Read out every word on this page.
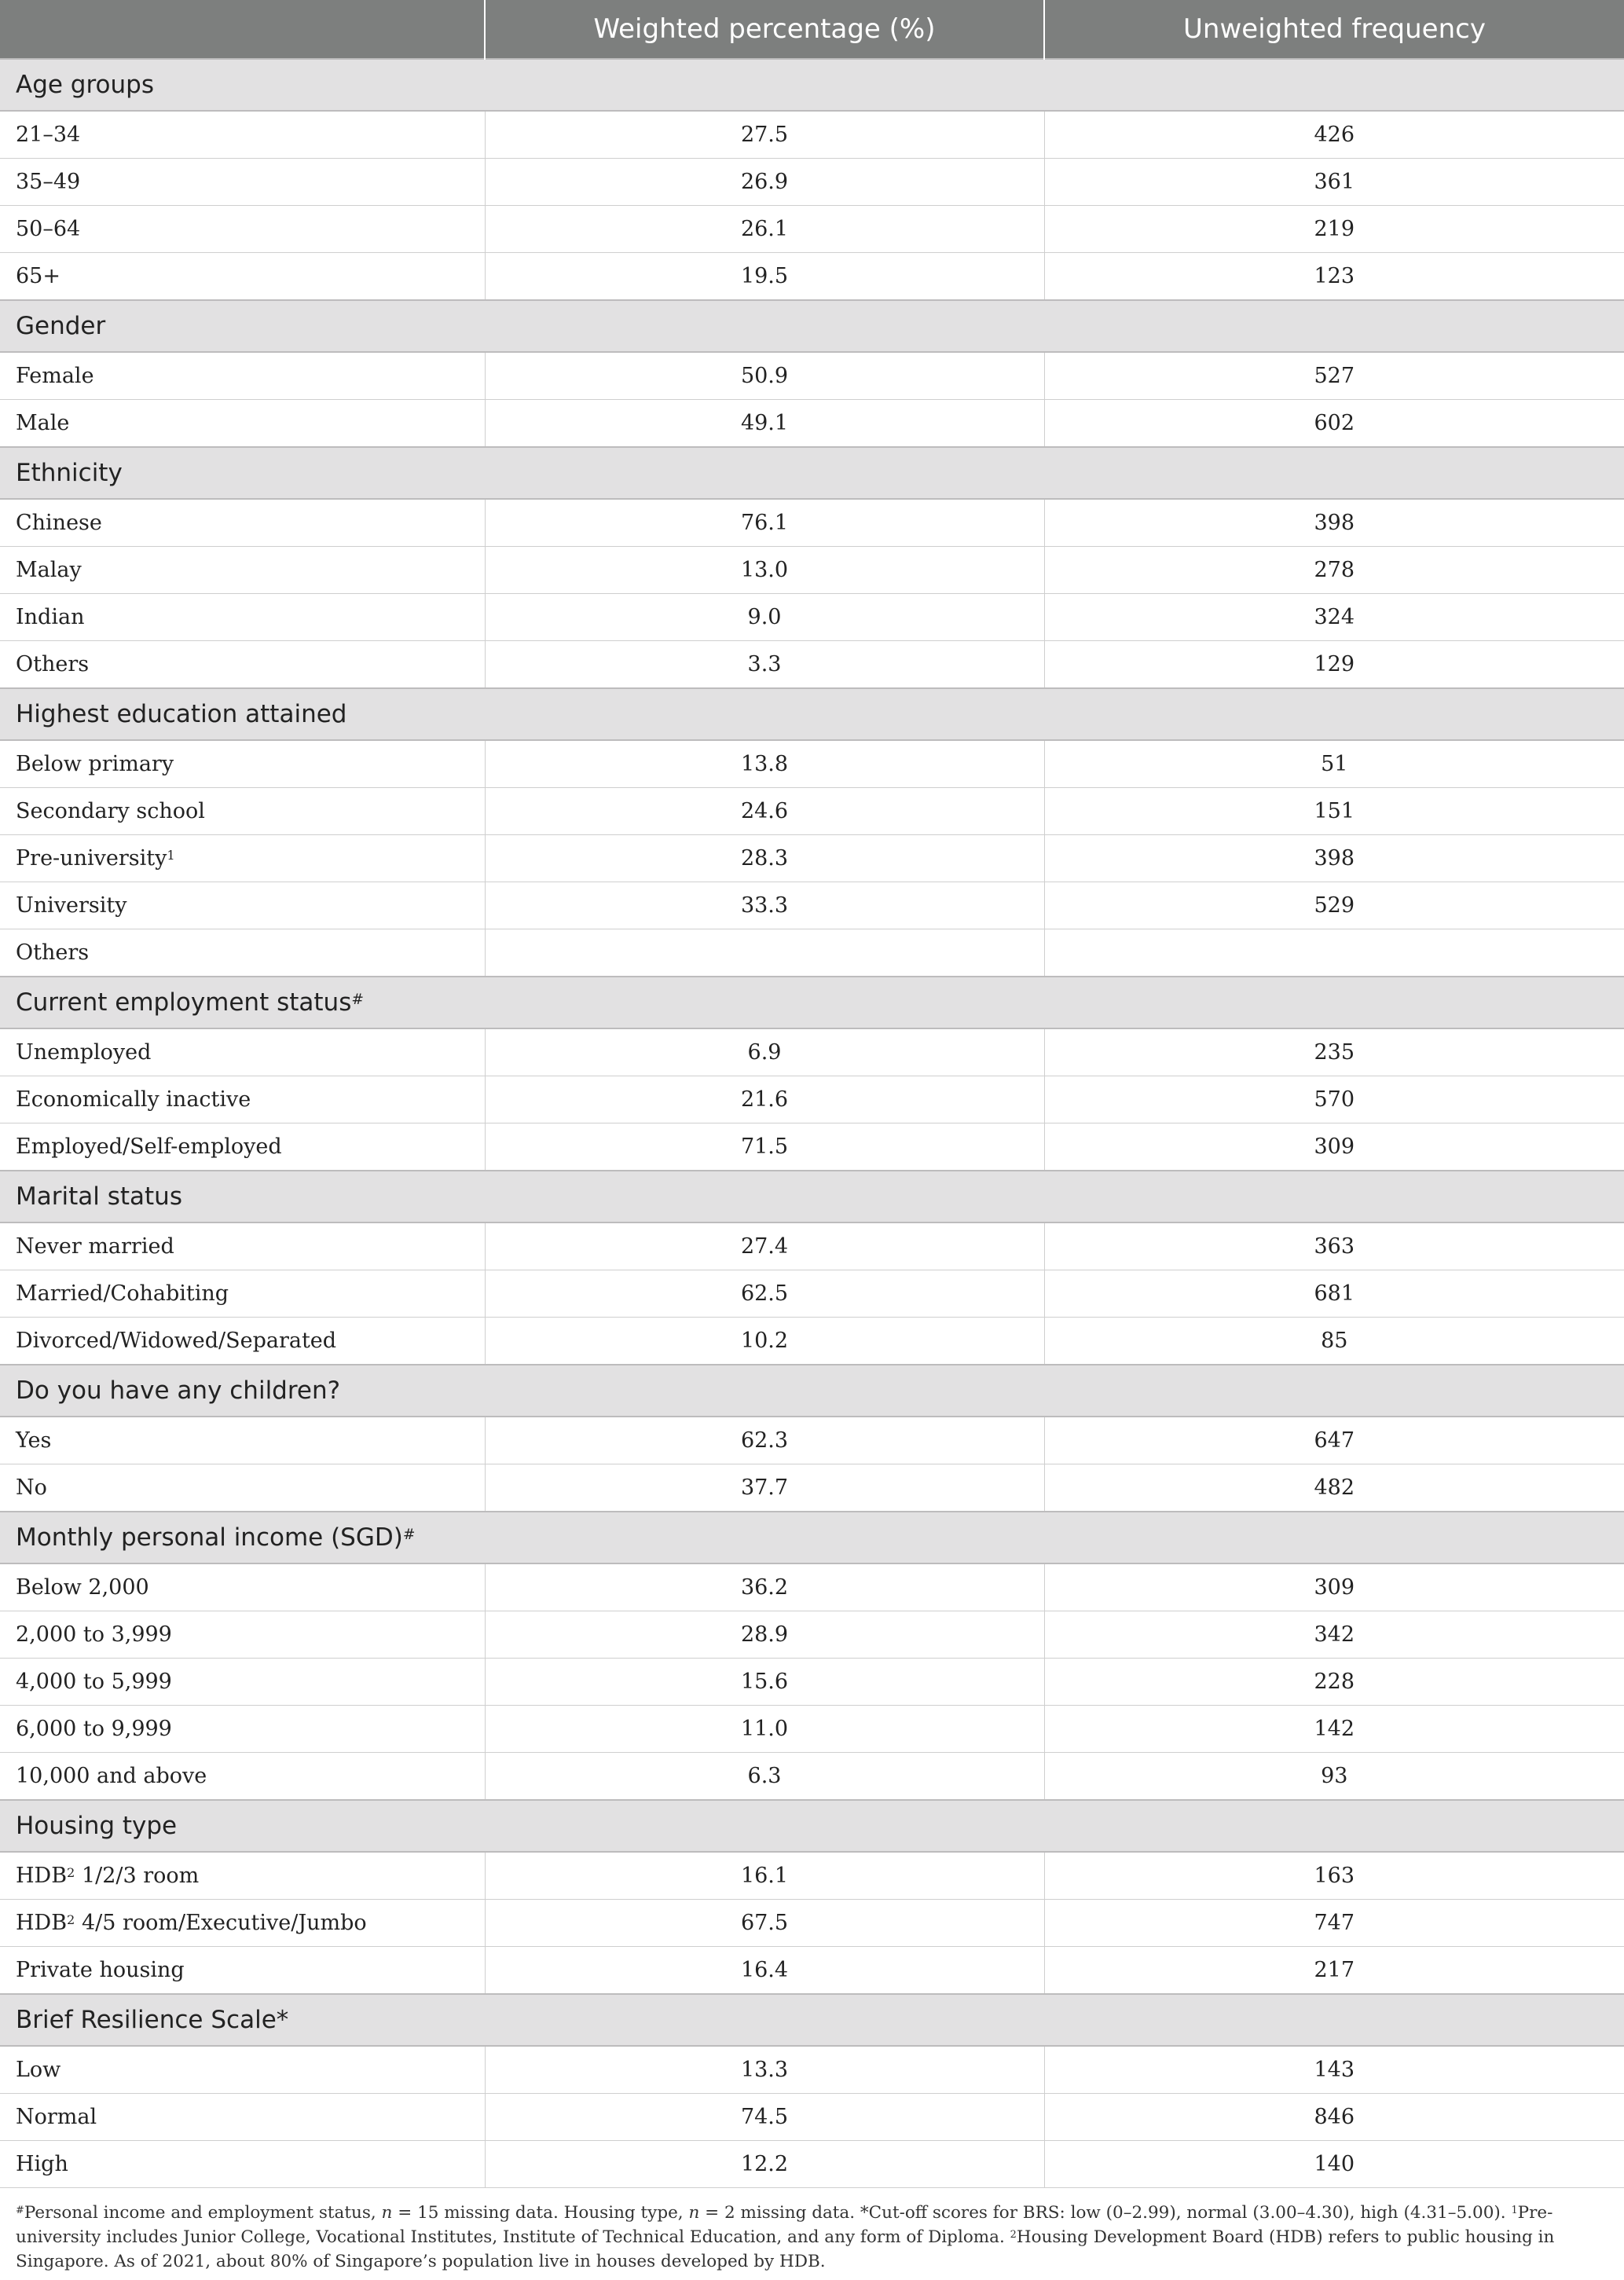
	Weighted percentage (%)	Unweighted frequency
Age groups		
21–34	27.5	426
35–49	26.9	361
50–64	26.1	219
65+	19.5	123
Gender		
Female	50.9	527
Male	49.1	602
Ethnicity		
Chinese	76.1	398
Malay	13.0	278
Indian	9.0	324
Others	3.3	129
Highest education attained		
Below primary	13.8	51
Secondary school	24.6	151
Pre-university$^1$	28.3	398
University	33.3	529
Others		
Current employment status#
Unemployed	6.9	235
Economically inactive	21.6	570
Employed/Self-employed	71.5	309
Marital status		
Never married	27.4	363
Married/Cohabiting	62.5	681
Divorced/Widowed/Separated	10.2	85
Do you have any children?		
Yes	62.3	647
No	37.7	482
Monthly personal income (SGD)#
Below 2,000	36.2	309
2,000 to 3,999	28.9	342
4,000 to 5,999	15.6	228
6,000 to 9,999	11.0	142
10,000 and above	6.3	93
Housing type		
HDB$^2$ 1/2/3 room	16.1	163
HDB$^2$ 4/5 room/Executive/Jumbo	67.5	747
Private housing	16.4	217
Brief Resilience Scale*		
Low	13.3	143
Normal	74.5	846
High	12.2	140

#Personal income and employment status, n = 15 missing data. Housing type, n = 2 missing data. *Cut-off scores for BRS: low (0–2.99), normal (3.00–4.30), high (4.31–5.00). $^1$Pre-university includes Junior College, Vocational Institutes, Institute of Technical Education, and any form of Diploma. $^2$Housing Development Board (HDB) refers to public housing in Singapore. As of 2021, about 80% of Singapore’s population live in houses developed by HDB.
